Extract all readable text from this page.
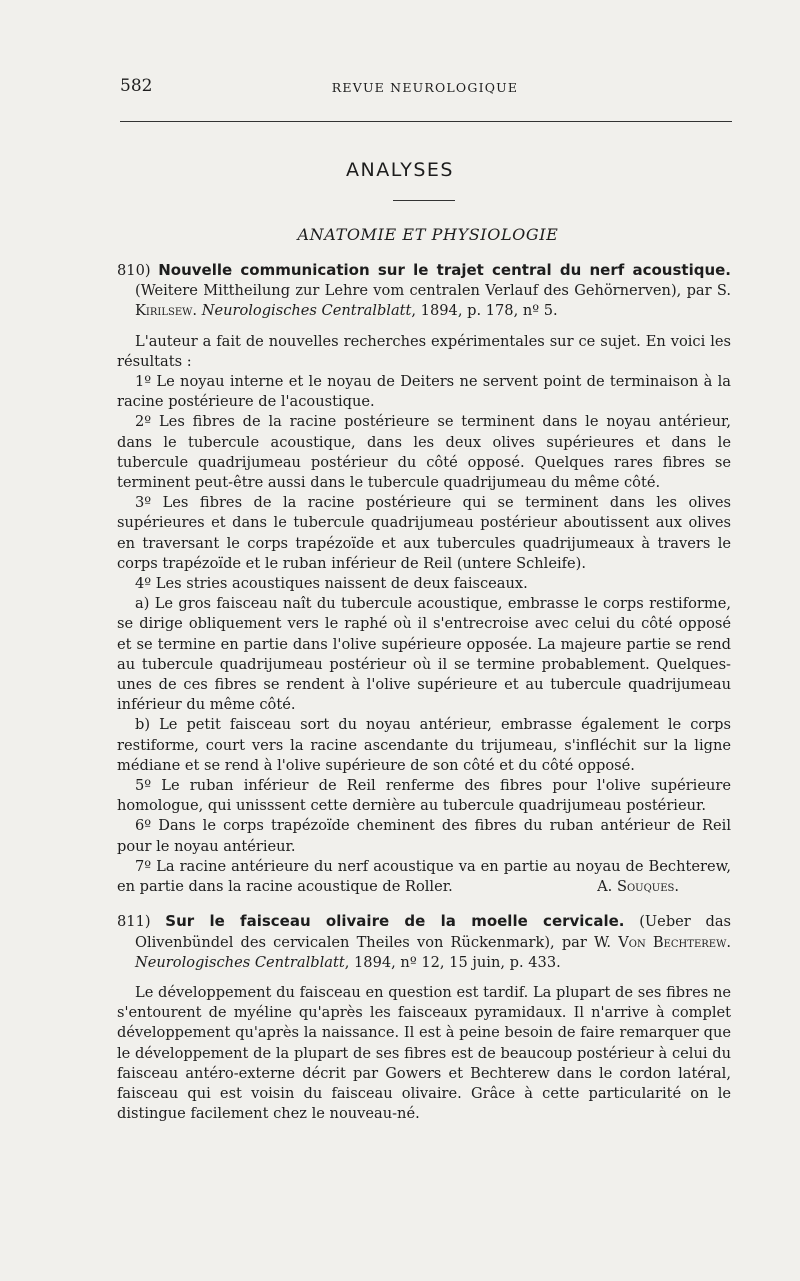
582	REVUE NEUROLOGIQUE
ANALYSES
ANATOMIE ET PHYSIOLOGIE

810) Nouvelle communication sur le trajet central du nerf acoustique. (Weitere Mittheilung zur Lehre vom centralen Verlauf des Gehörnerven), par S. Kirilsew. Neurologisches Centralblatt, 1894, p. 178, nº 5.

L'auteur a fait de nouvelles recherches expérimentales sur ce sujet. En voici les résultats :

1º Le noyau interne et le noyau de Deiters ne servent point de terminaison à la racine postérieure de l'acoustique.

2º Les fibres de la racine postérieure se terminent dans le noyau antérieur, dans le tubercule acoustique, dans les deux olives supérieures et dans le tubercule quadrijumeau postérieur du côté opposé. Quelques rares fibres se terminent peut-être aussi dans le tubercule quadrijumeau du même côté.

3º Les fibres de la racine postérieure qui se terminent dans les olives supérieures et dans le tubercule quadrijumeau postérieur aboutissent aux olives en traversant le corps trapézoïde et aux tubercules quadrijumeaux à travers le corps trapézoïde et le ruban inférieur de Reil (untere Schleife).

4º Les stries acoustiques naissent de deux faisceaux.

a) Le gros faisceau naît du tubercule acoustique, embrasse le corps restiforme, se dirige obliquement vers le raphé où il s'entrecroise avec celui du côté opposé et se termine en partie dans l'olive supérieure opposée. La majeure partie se rend au tubercule quadrijumeau postérieur où il se termine probablement. Quelques-unes de ces fibres se rendent à l'olive supérieure et au tubercule quadrijumeau inférieur du même côté.

b) Le petit faisceau sort du noyau antérieur, embrasse également le corps restiforme, court vers la racine ascendante du trijumeau, s'infléchit sur la ligne médiane et se rend à l'olive supérieure de son côté et du côté opposé.

5º Le ruban inférieur de Reil renferme des fibres pour l'olive supérieure homologue, qui unisssent cette dernière au tubercule quadrijumeau postérieur.

6º Dans le corps trapézoïde cheminent des fibres du ruban antérieur de Reil pour le noyau antérieur.

7º La racine antérieure du nerf acoustique va en partie au noyau de Bechterew, en partie dans la racine acoustique de Roller.	A. Souques.

811) Sur le faisceau olivaire de la moelle cervicale. (Ueber das Olivenbündel des cervicalen Theiles von Rückenmark), par W. Von Bechterew. Neurologisches Centralblatt, 1894, nº 12, 15 juin, p. 433.

Le développement du faisceau en question est tardif. La plupart de ses fibres ne s'entourent de myéline qu'après les faisceaux pyramidaux. Il n'arrive à complet développement qu'après la naissance. Il est à peine besoin de faire remarquer que le développement de la plupart de ses fibres est de beaucoup postérieur à celui du faisceau antéro-externe décrit par Gowers et Bechterew dans le cordon latéral, faisceau qui est voisin du faisceau olivaire. Grâce à cette particularité on le distingue facilement chez le nouveau-né.
